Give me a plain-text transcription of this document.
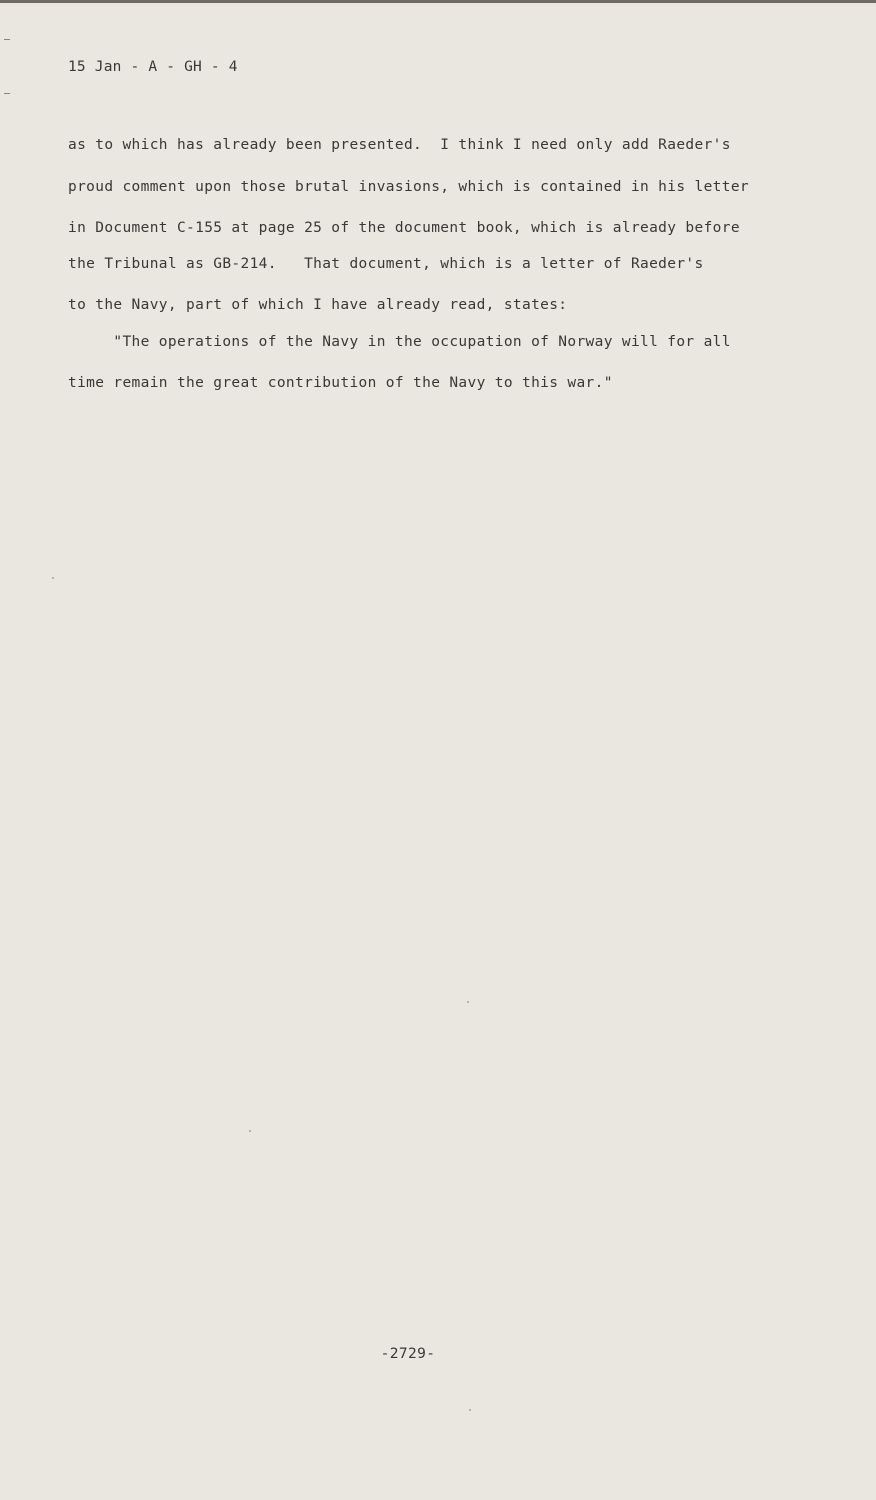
15 Jan - A - GH - 4
as to which has already been presented.  I think I need only add Raeder's
proud comment upon those brutal invasions, which is contained in his letter
in Document C-155 at page 25 of the document book, which is already before
the Tribunal as GB-214.   That document, which is a letter of Raeder's
to the Navy, part of which I have already read, states:
"The operations of the Navy in the occupation of Norway will for all
time remain the great contribution of the Navy to this war."
-2729-
